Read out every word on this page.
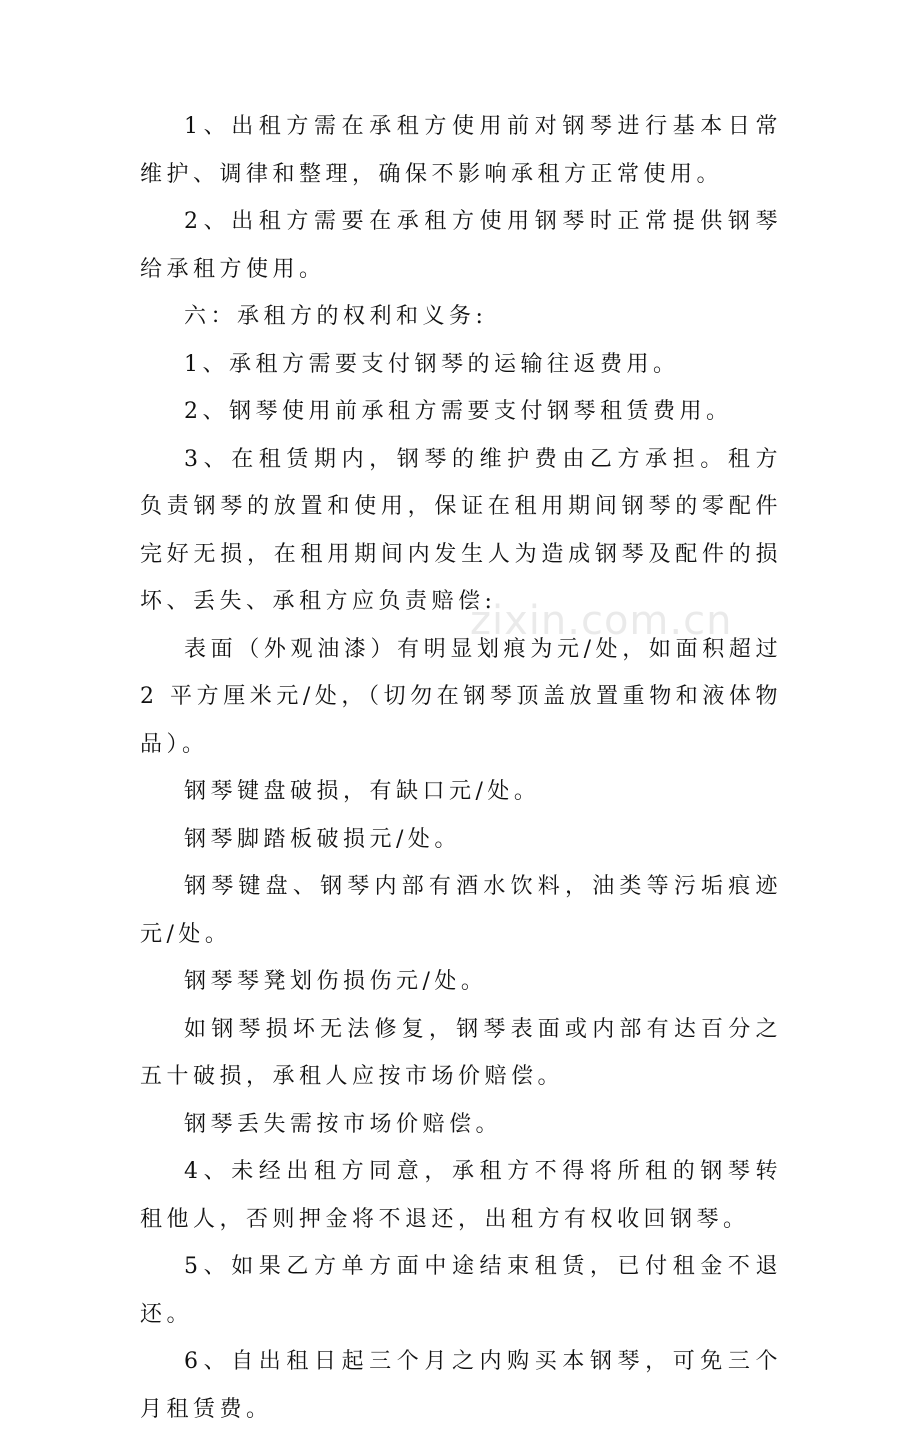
1、出租方需在承租方使用前对钢琴进行基本日常维护、调律和整理，确保不影响承租方正常使用。

2、出租方需要在承租方使用钢琴时正常提供钢琴给承租方使用。

六：承租方的权利和义务:

1、承租方需要支付钢琴的运输往返费用。

2、钢琴使用前承租方需要支付钢琴租赁费用。

3、在租赁期内，钢琴的维护费由乙方承担。租方负责钢琴的放置和使用，保证在租用期间钢琴的零配件完好无损，在租用期间内发生人为造成钢琴及配件的损坏、丢失、承租方应负责赔偿:

表面（外观油漆）有明显划痕为元/处，如面积超过 2 平方厘米元/处，（切勿在钢琴顶盖放置重物和液体物品）。

钢琴键盘破损，有缺口元/处。

钢琴脚踏板破损元/处。

钢琴键盘、钢琴内部有酒水饮料，油类等污垢痕迹元/处。

钢琴琴凳划伤损伤元/处。

如钢琴损坏无法修复，钢琴表面或内部有达百分之五十破损，承租人应按市场价赔偿。

钢琴丢失需按市场价赔偿。

4、未经出租方同意，承租方不得将所租的钢琴转租他人，否则押金将不退还，出租方有权收回钢琴。

5、如果乙方单方面中途结束租赁，已付租金不退还。

6、自出租日起三个月之内购买本钢琴，可免三个月租赁费。

zixin.com.cn
